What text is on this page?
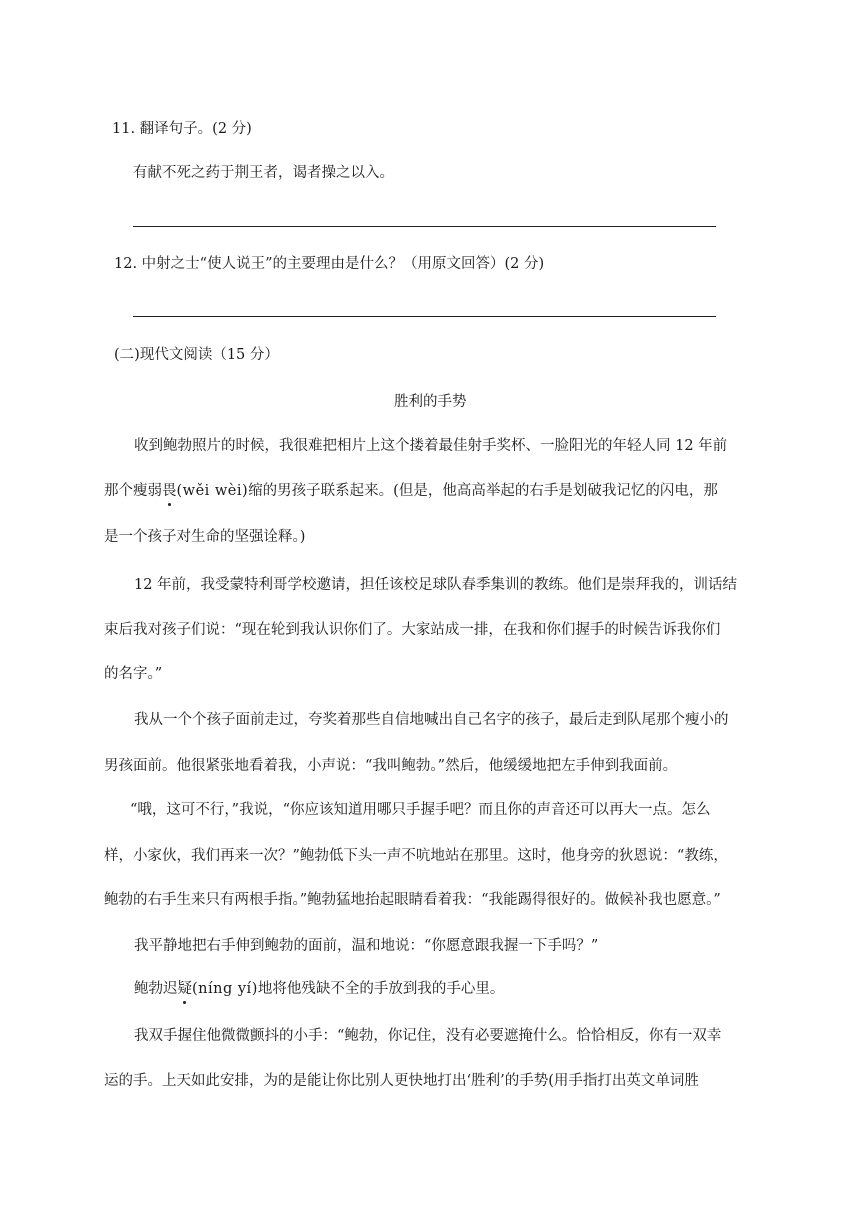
11. 翻译句子。(2 分)
有献不死之药于荆王者，谒者操之以入。
12. 中射之士“使人说王”的主要理由是什么？（用原文回答）(2 分)
(二)现代文阅读（15 分）
胜利的手势
收到鲍勃照片的时候，我很难把相片上这个搂着最佳射手奖杯、一脸阳光的年轻人同 12 年前
那个瘦弱畏(wěi wèi)缩的男孩子联系起来。(但是，他高高举起的右手是划破我记忆的闪电，那
是一个孩子对生命的坚强诠释。)
12 年前，我受蒙特利哥学校邀请，担任该校足球队春季集训的教练。他们是崇拜我的，训话结
束后我对孩子们说：“现在轮到我认识你们了。大家站成一排，在我和你们握手的时候告诉我你们
的名字。”
我从一个个孩子面前走过，夸奖着那些自信地喊出自己名字的孩子，最后走到队尾那个瘦小的
男孩面前。他很紧张地看着我，小声说：“我叫鲍勃。”然后，他缓缓地把左手伸到我面前。
“哦，这可不行，”我说，“你应该知道用哪只手握手吧？而且你的声音还可以再大一点。怎么
样，小家伙，我们再来一次？”鲍勃低下头一声不吭地站在那里。这时，他身旁的狄恩说：“教练，
鲍勃的右手生来只有两根手指。”鲍勃猛地抬起眼睛看着我：“我能踢得很好的。做候补我也愿意。”
我平静地把右手伸到鲍勃的面前，温和地说：“你愿意跟我握一下手吗？”
鲍勃迟疑(níng yí)地将他残缺不全的手放到我的手心里。
我双手握住他微微颤抖的小手：“鲍勃，你记住，没有必要遮掩什么。恰恰相反，你有一双幸
运的手。上天如此安排，为的是能让你比别人更快地打出‘胜利’的手势(用手指打出英文单词胜
